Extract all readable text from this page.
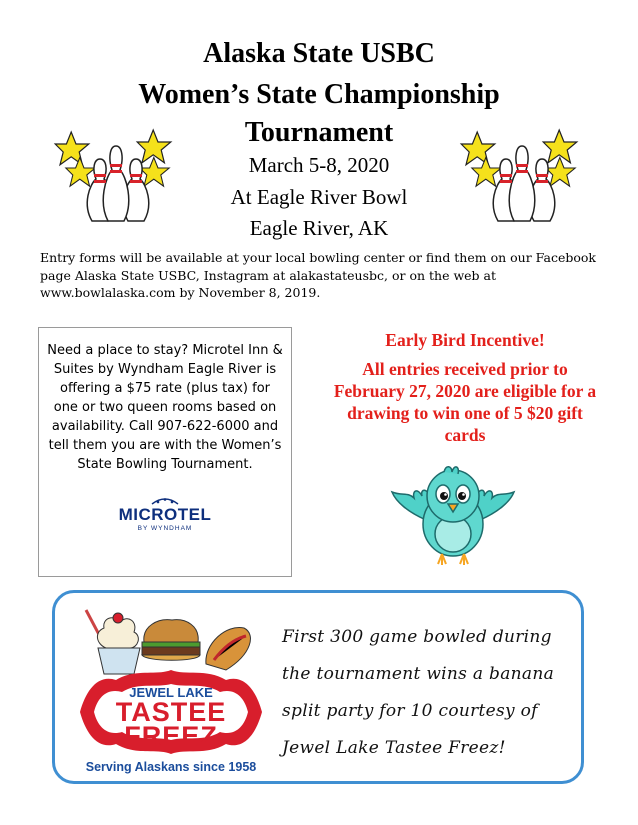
Alaska State USBC
Women’s State Championship
Tournament
March 5-8, 2020
At Eagle River Bowl
Eagle River, AK
Entry forms will be available at your local bowling center or find them on our Facebook page Alaska State USBC, Instagram at alakastateusbc, or on the web at www.bowlalaska.com by November 8, 2019.
Need a place to stay? Microtel Inn & Suites by Wyndham Eagle River is offering a $75 rate (plus tax) for one or two queen rooms based on availability. Call 907-622-6000 and tell them you are with the Women’s State Bowling Tournament.
MICROTEL
BY WYNDHAM
Early Bird Incentive!
All entries received prior to February 27, 2020 are eligible for a drawing to win one of 5 $20 gift cards
JEWEL LAKE
TASTEE
FREEZ
Serving Alaskans since 1958
First 300 game bowled during
the tournament wins a banana
split party for 10 courtesy of
Jewel Lake Tastee Freez!
